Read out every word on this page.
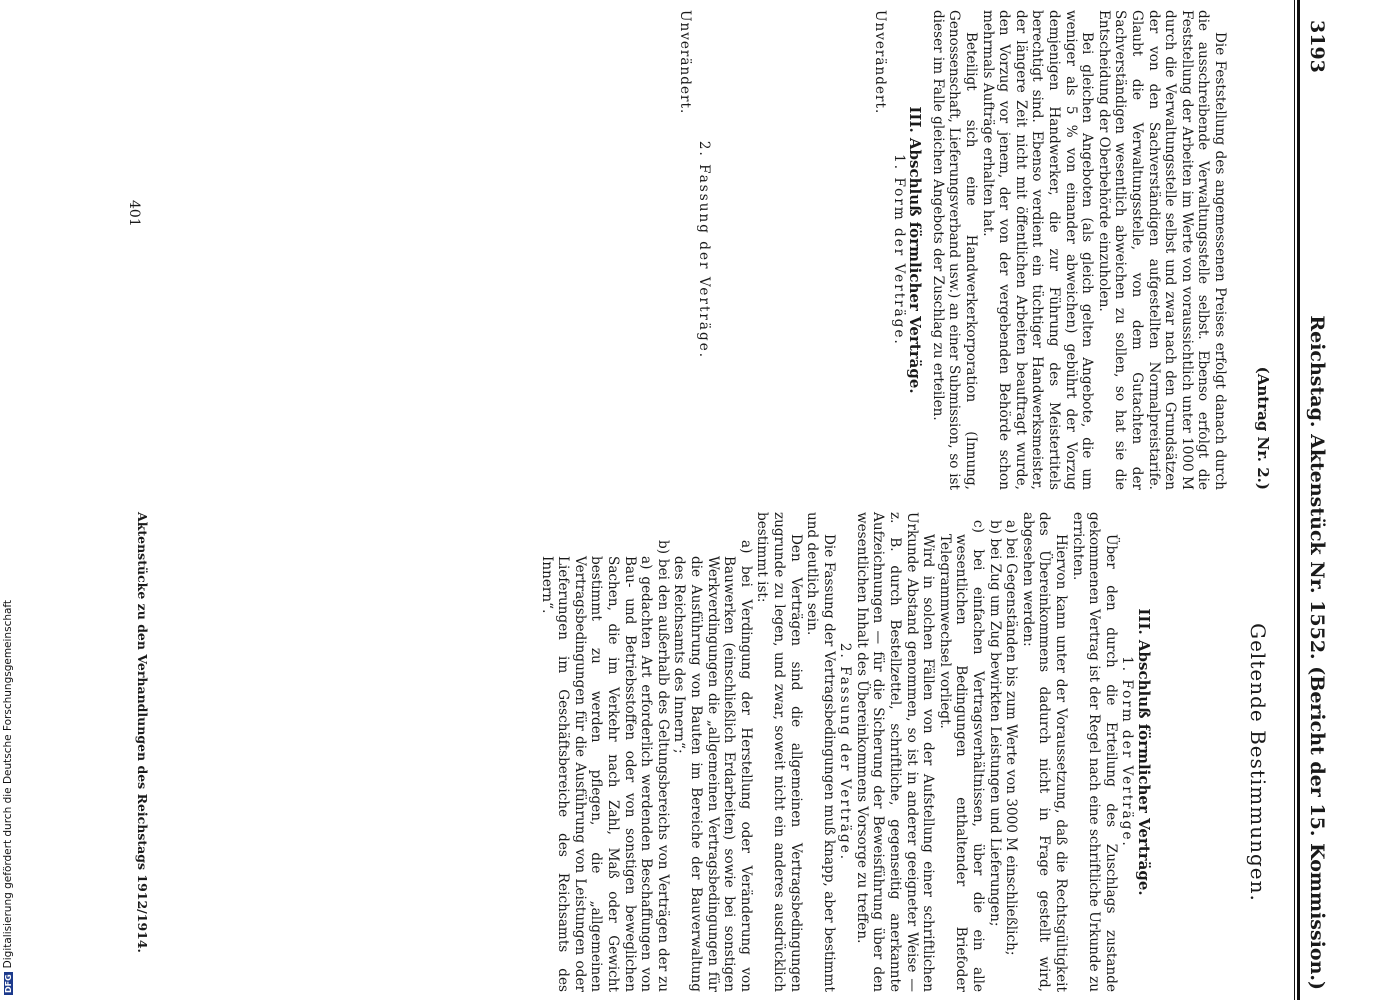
3193
Reichstag. Aktenstück Nr. 1552. (Bericht der 15. Kommission.)
(Antrag Nr. 2.)
Geltende Bestimmungen.

Die Feststellung des angemessenen Preises erfolgt danach durch die ausschreibende Verwaltungsstelle selbst. Ebenso erfolgt die Feststellung der Arbeiten im Werte von voraussichtlich unter 1000 M durch die Verwaltungsstelle selbst und zwar nach den Grundsätzen der von den Sachverständigen aufgestellten Normalpreistarife. Glaubt die Verwaltungsstelle, von dem Gutachten der Sachverständigen wesentlich abweichen zu sollen, so hat sie die Entscheidung der Oberbehörde einzuholen.

Bei gleichen Angeboten (als gleich gelten Angebote, die um weniger als 5 % von einander abweichen) gebührt der Vorzug demjenigen Handwerker, die zur Führung des Meistertitels berechtigt sind. Ebenso verdient ein tüchtiger Handwerksmeister, der längere Zeit nicht mit öffentlichen Arbeiten beauftragt wurde, den Vorzug vor jenem, der von der vergebenden Behörde schon mehrmals Aufträge erhalten hat.

Beteiligt sich eine Handwerkerkorporation (Innung, Genossenschaft, Lieferungsverband usw.) an einer Submission, so ist dieser im Falle gleichen Angebots der Zuschlag zu erteilen.

III. Abschluß förmlicher Verträge.

1. Form der Verträge.

Unverändert.

2. Fassung der Verträge.

Unverändert.

III. Abschluß förmlicher Verträge.

1. Form der Verträge.

Über den durch die Erteilung des Zuschlags zustande gekommenen Vertrag ist der Regel nach eine schriftliche Urkunde zu errichten.

Hiervon kann unter der Voraussetzung, daß die Rechtsgültigkeit des Übereinkommens dadurch nicht in Frage gestellt wird, abgesehen werden:

a) bei Gegenständen bis zum Werte von 3000 M einschließlich;

b) bei Zug um Zug bewirkten Leistungen und Lieferungen;

c) bei einfachen Vertragsverhältnissen, über die ein alle wesentlichen Bedingungen enthaltender Briefoder Telegrammwechsel vorliegt.

Wird in solchen Fällen von der Aufstellung einer schriftlichen Urkunde Abstand genommen, so ist in anderer geeigneter Weise — z. B. durch Bestellzettel, schriftliche, gegenseitig anerkannte Aufzeichnungen — für die Sicherung der Beweisführung über den wesentlichen Inhalt des Übereinkommens Vorsorge zu treffen.

2. Fassung der Verträge.

Die Fassung der Vertragsbedingungen muß knapp, aber bestimmt und deutlich sein.

Den Verträgen sind die allgemeinen Vertragsbedingungen zugrunde zu legen, und zwar, soweit nicht ein anderes ausdrücklich bestimmt ist:

a) bei Verdingung der Herstellung oder Veränderung von Bauwerken (einschließlich Erdarbeiten) sowie bei sonstigen Werkverdingungen die „allgemeinen Vertragsbedingungen für die Ausführung von Bauten im Bereiche der Bauverwaltung des Reichsamts des Innern“;

b) bei den außerhalb des Geltungsbereichs von Verträgen der zu a) gedachten Art erforderlich werdenden Beschaffungen von Bau- und Betriebsstoffen oder von sonstigen beweglichen Sachen, die im Verkehr nach Zahl, Maß oder Gewicht bestimmt zu werden pflegen, die „allgemeinen Vertragsbedingungen für die Ausführung von Leistungen oder Lieferungen im Geschäftsbereiche des Reichsamts des Innern“.

401
Aktenstücke zu den Verhandlungen des Reichstags 1912/1914.
DFGDigitalisierung gefördert durch die Deutsche Forschungsgemeinschaft
